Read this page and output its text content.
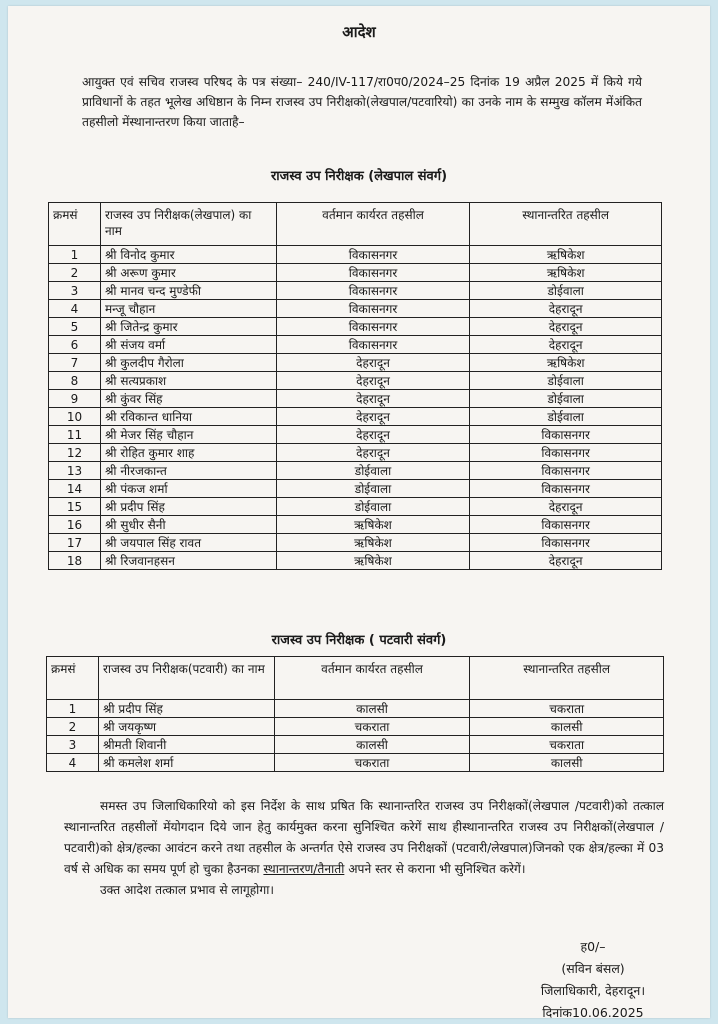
आदेश
आयुक्त एवं सचिव राजस्व परिषद के पत्र संख्या– 240/IV-117/रा0प0/2024–25 दिनांक 19 अप्रैल 2025 में किये गये प्राविधानों के तहत भूलेख अधिष्ठान के निम्न राजस्व उप निरीक्षको(लेखपाल/पटवारियो) का उनके नाम के सम्मुख कॉलम मेंअंकित तहसीलो मेंस्थानान्तरण किया जाताहै–
राजस्व उप निरीक्षक (लेखपाल संवर्ग)
क्रमसं	राजस्व उप निरीक्षक(लेखपाल) का नाम	वर्तमान कार्यरत तहसील	स्थानान्तरित तहसील
1	श्री विनोद कुमार	विकासनगर	ऋषिकेश
2	श्री अरूण कुमार	विकासनगर	ऋषिकेश
3	श्री मानव चन्द मुण्डेफी	विकासनगर	डोईवाला
4	मन्जू चौहान	विकासनगर	देहरादून
5	श्री जितेन्द्र कुमार	विकासनगर	देहरादून
6	श्री संजय वर्मा	विकासनगर	देहरादून
7	श्री कुलदीप गैरोला	देहरादून	ऋषिकेश
8	श्री सत्यप्रकाश	देहरादून	डोईवाला
9	श्री कुंवर सिंह	देहरादून	डोईवाला
10	श्री रविकान्त धानिया	देहरादून	डोईवाला
11	श्री मेजर सिंह चौहान	देहरादून	विकासनगर
12	श्री रोहित कुमार शाह	देहरादून	विकासनगर
13	श्री नीरजकान्त	डोईवाला	विकासनगर
14	श्री पंकज शर्मा	डोईवाला	विकासनगर
15	श्री प्रदीप सिंह	डोईवाला	देहरादून
16	श्री सुधीर सैनी	ऋषिकेश	विकासनगर
17	श्री जयपाल सिंह रावत	ऋषिकेश	विकासनगर
18	श्री रिजवानहसन	ऋषिकेश	देहरादून
राजस्व उप निरीक्षक ( पटवारी संवर्ग)
क्रमसं	राजस्व उप निरीक्षक(पटवारी) का नाम	वर्तमान कार्यरत तहसील	स्थानान्तरित तहसील
1	श्री प्रदीप सिंह	कालसी	चकराता
2	श्री जयकृष्ण	चकराता	कालसी
3	श्रीमती शिवानी	कालसी	चकराता
4	श्री कमलेश शर्मा	चकराता	कालसी

समस्त उप जिलाधिकारियो को इस निर्देश के साथ प्रषित कि स्थानान्तरित राजस्व उप निरीक्षकों(लेखपाल /पटवारी)को तत्काल स्थानान्तरित तहसीलों मेंयोगदान दिये जान हेतु कार्यमुक्त करना सुनिश्चित करेगें साथ हीस्थानान्तरित राजस्व उप निरीक्षकों(लेखपाल /पटवारी)को क्षेत्र/हल्का आवंटन करने तथा तहसील के अन्तर्गत ऐसे राजस्व उप निरीक्षकों (पटवारी/लेखपाल)जिनको एक क्षेत्र/हल्का में 03 वर्ष से अधिक का समय पूर्ण हो चुका हैउनका स्थानान्तरण/तैनाती अपने स्तर से कराना भी सुनिश्चित करेगें।

उक्त आदेश तत्काल प्रभाव से लागूहोगा।

ह0/–
(सविन बंसल)
जिलाधिकारी, देहरादून।
दिनांक10.06.2025
